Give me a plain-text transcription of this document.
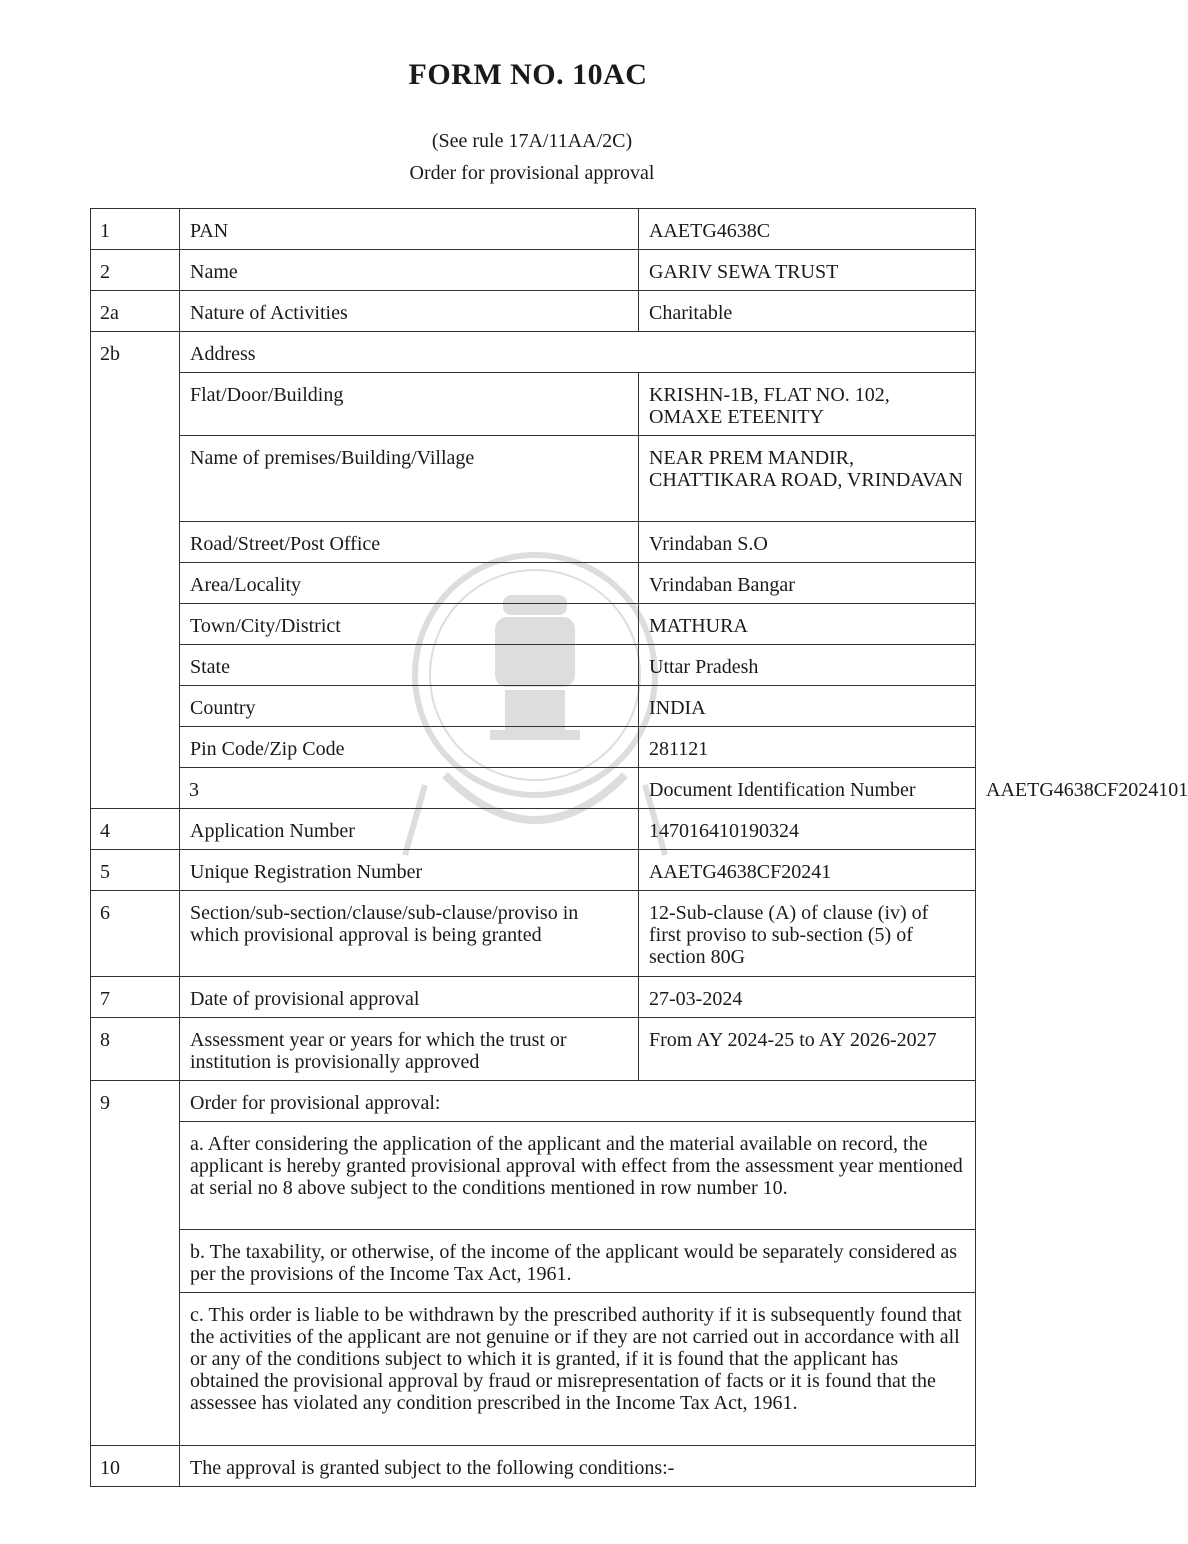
FORM NO. 10AC
(See rule 17A/11AA/2C)
Order for provisional approval
1	PAN	AAETG4638C	
2	Name	GARIV SEWA TRUST	
2a	Nature of Activities	Charitable	
2b	Address		
	Flat/Door/Building	KRISHN-1B, FLAT NO. 102, OMAXE ETEENITY	
	Name of premises/Building/Village	NEAR PREM MANDIR, CHATTIKARA ROAD, VRINDAVAN	
	Road/Street/Post Office	Vrindaban S.O	
	Area/Locality	Vrindaban Bangar	
	Town/City/District	MATHURA	
	State	Uttar Pradesh	
	Country	INDIA	
	Pin Code/Zip Code	281121	
	3	Document Identification Number	AAETG4638CF2024101
4	Application Number	147016410190324	
5	Unique Registration Number	AAETG4638CF20241	
6	Section/sub-section/clause/sub-clause/proviso in which provisional approval is being granted	12-Sub-clause (A) of clause (iv) of first proviso to sub-section (5) of section 80G	
7	Date of provisional approval	27-03-2024	
8	Assessment year or years for which the trust or institution is provisionally approved	From AY 2024-25 to AY 2026-2027	
9	Order for provisional approval:		
	a. After considering the application of the applicant and the material available on record, the applicant is hereby granted provisional approval with effect from the assessment year mentioned at serial no 8 above subject to the conditions mentioned in row number 10.		
	b. The taxability, or otherwise, of the income of the applicant would be separately considered as per the provisions of the Income Tax Act, 1961.		
	c. This order is liable to be withdrawn by the prescribed authority if it is subsequently found that the activities of the applicant are not genuine or if they are not carried out in accordance with all or any of the conditions subject to which it is granted, if it is found that the applicant has obtained the provisional approval by fraud or misrepresentation of facts or it is found that the assessee has violated any condition prescribed in the Income Tax Act, 1961.		
10	The approval is granted subject to the following conditions:-		
